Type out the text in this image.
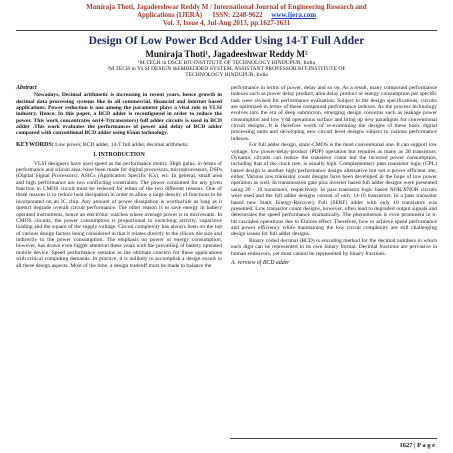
Muniraja Thoti, Jagadeeshwar Reddy M / International Journal of Engineering Research and
Applications (IJERA) ISSN: 2248-9622 www.ijera.com
Vol. 3, Issue 4, Jul-Aug 2013, pp.1627-1631
Design Of Low Power Bcd Adder Using 14-T Full Adder
Muniraja Thoti¹, Jagadeeshwar Reddy M²
¹M.TECH in DSCE BIT-INSTITUTE OF TECHNOLOGY HINDUPUR, India
²M.TECH in VLSI DESIGN &EMBEDDED SYSTEM, ASSISTANT PROFESSOR BIT-INSTITUTE OF
TECHNOLOGY HINDUPUR, India
Abstract
Nowadays, Decimal arithmetic is increasing in recent years, hence growth in decimal data processing systems like in all commercial, financial and internet based applications. Power reduction is one among the parameter plays a vital role in VLSI industry. Hence, In this paper, a BCD adder is reconfigured in order to reduce the power. This work concentrates on14-T(transistors) full adder circuits is used in BCD adder .This work evaluates the performances of power and delay of BCD adder compared with conventional BCD adder using 65nm technology.
KEYWORDS: Low power, BCD adder, 14-T full adder, decimal arithmetic.
I. INTRODUCTION
VLSI designers have used speed as the performance metric. High gains, in terms of performance and silicon area, have been made for digital processors, microprocessors, DSPs (Digital Signal Processors), ASICs (Application Specific ICs), etc. In general, small area and high performance are two conflicting constraints. The power consumed for any given function in CMOS circuit must be reduced for either of the two different reasons: One of these reasons is to reduce heat dissipation in order to allow a large density of functions to be incorporated on an IC chip. Any amount of power dissipation is worthwhile as long as it doesn't degrade overall circuit performance. The other reason is to save energy in battery operated instruments, hence an electronic watches where average power is in microwatts. In CMOS circuits, the power consumption is proportional to switching activity, capacitive loading and the square of the supply voltage. Circuit complexity has always been on the top of various design factors being considered in that it relates directly to the silicon die size and indirectly to the power consumption. The emphasis on power or energy consumption, however, has drawn even bigger attention these years with the prevailing of battery operated mobile device. Speed performance remains as the ultimate concern for these applications with critical computing demands. In practice, it is unlikely to accomplish a design excels in all these design aspects. Most of the time, a design tradeoff must be made to balance the
performance in terms of power, delay and so on. As a result, many compound performance indexes such as power delay product, area delay product or energy consumption per specific task were revised for performance evaluation. Subject to the design specifications, circuits are optimized in terms of these compound performance indexes. As the process technology evolves into the era of deep submicron, emerging design concerns such as leakage power consumption and low Vdd operations surface and bring up new paradigms for conventional circuit designs. It is therefore worth of re-examining the designs of these basic digital processing units and developing new circuit level designs subject to various performance indexes.
For full adder design, static-CMOS is the most conventional one. It can support low voltage, low power-delay-product (PDP) operation but requires as many as 28 transistors. Dynamic circuits can reduce the transistor count but the incurred power consumption, including that of the clock tree, is usually high. Complementary pass transistor logic (CPL) based design is another high performance design alternative but not a power efficient one, either. Various low transistor count designs have been developed in the hope of low power operation as well. In transmission gate plus inverter based full adder designs were presented using 20 - 16 transistors, respectively. In pass transistor logic based NOR/XNOR circuits were used and the full adder designs consist of only 14-16 transistors. In a pass transistor based new Static Energy-Recovery Full (SERF) adder with only 10 transistors was presented. Low transistor count designs, however, often lead to degraded output signals and deteriorates the speed performance dramatically. The phenomenon is even prominent in n-bit cascaded operations due to Elmore effect. Therefore, how to achieve speed performance and power efficiency while maintaining the low circuit complexity are still challenging design issues for full adder designs.
Binary coded decimal (BCD) is encoding method for the decimal numbers in which each digit can be represented in its own binary format. Decimal fractions are pervasive in human endeavors, yet most cannot be represented by binary fractions.
A. verview of BCD adder
1627 | P a g e
